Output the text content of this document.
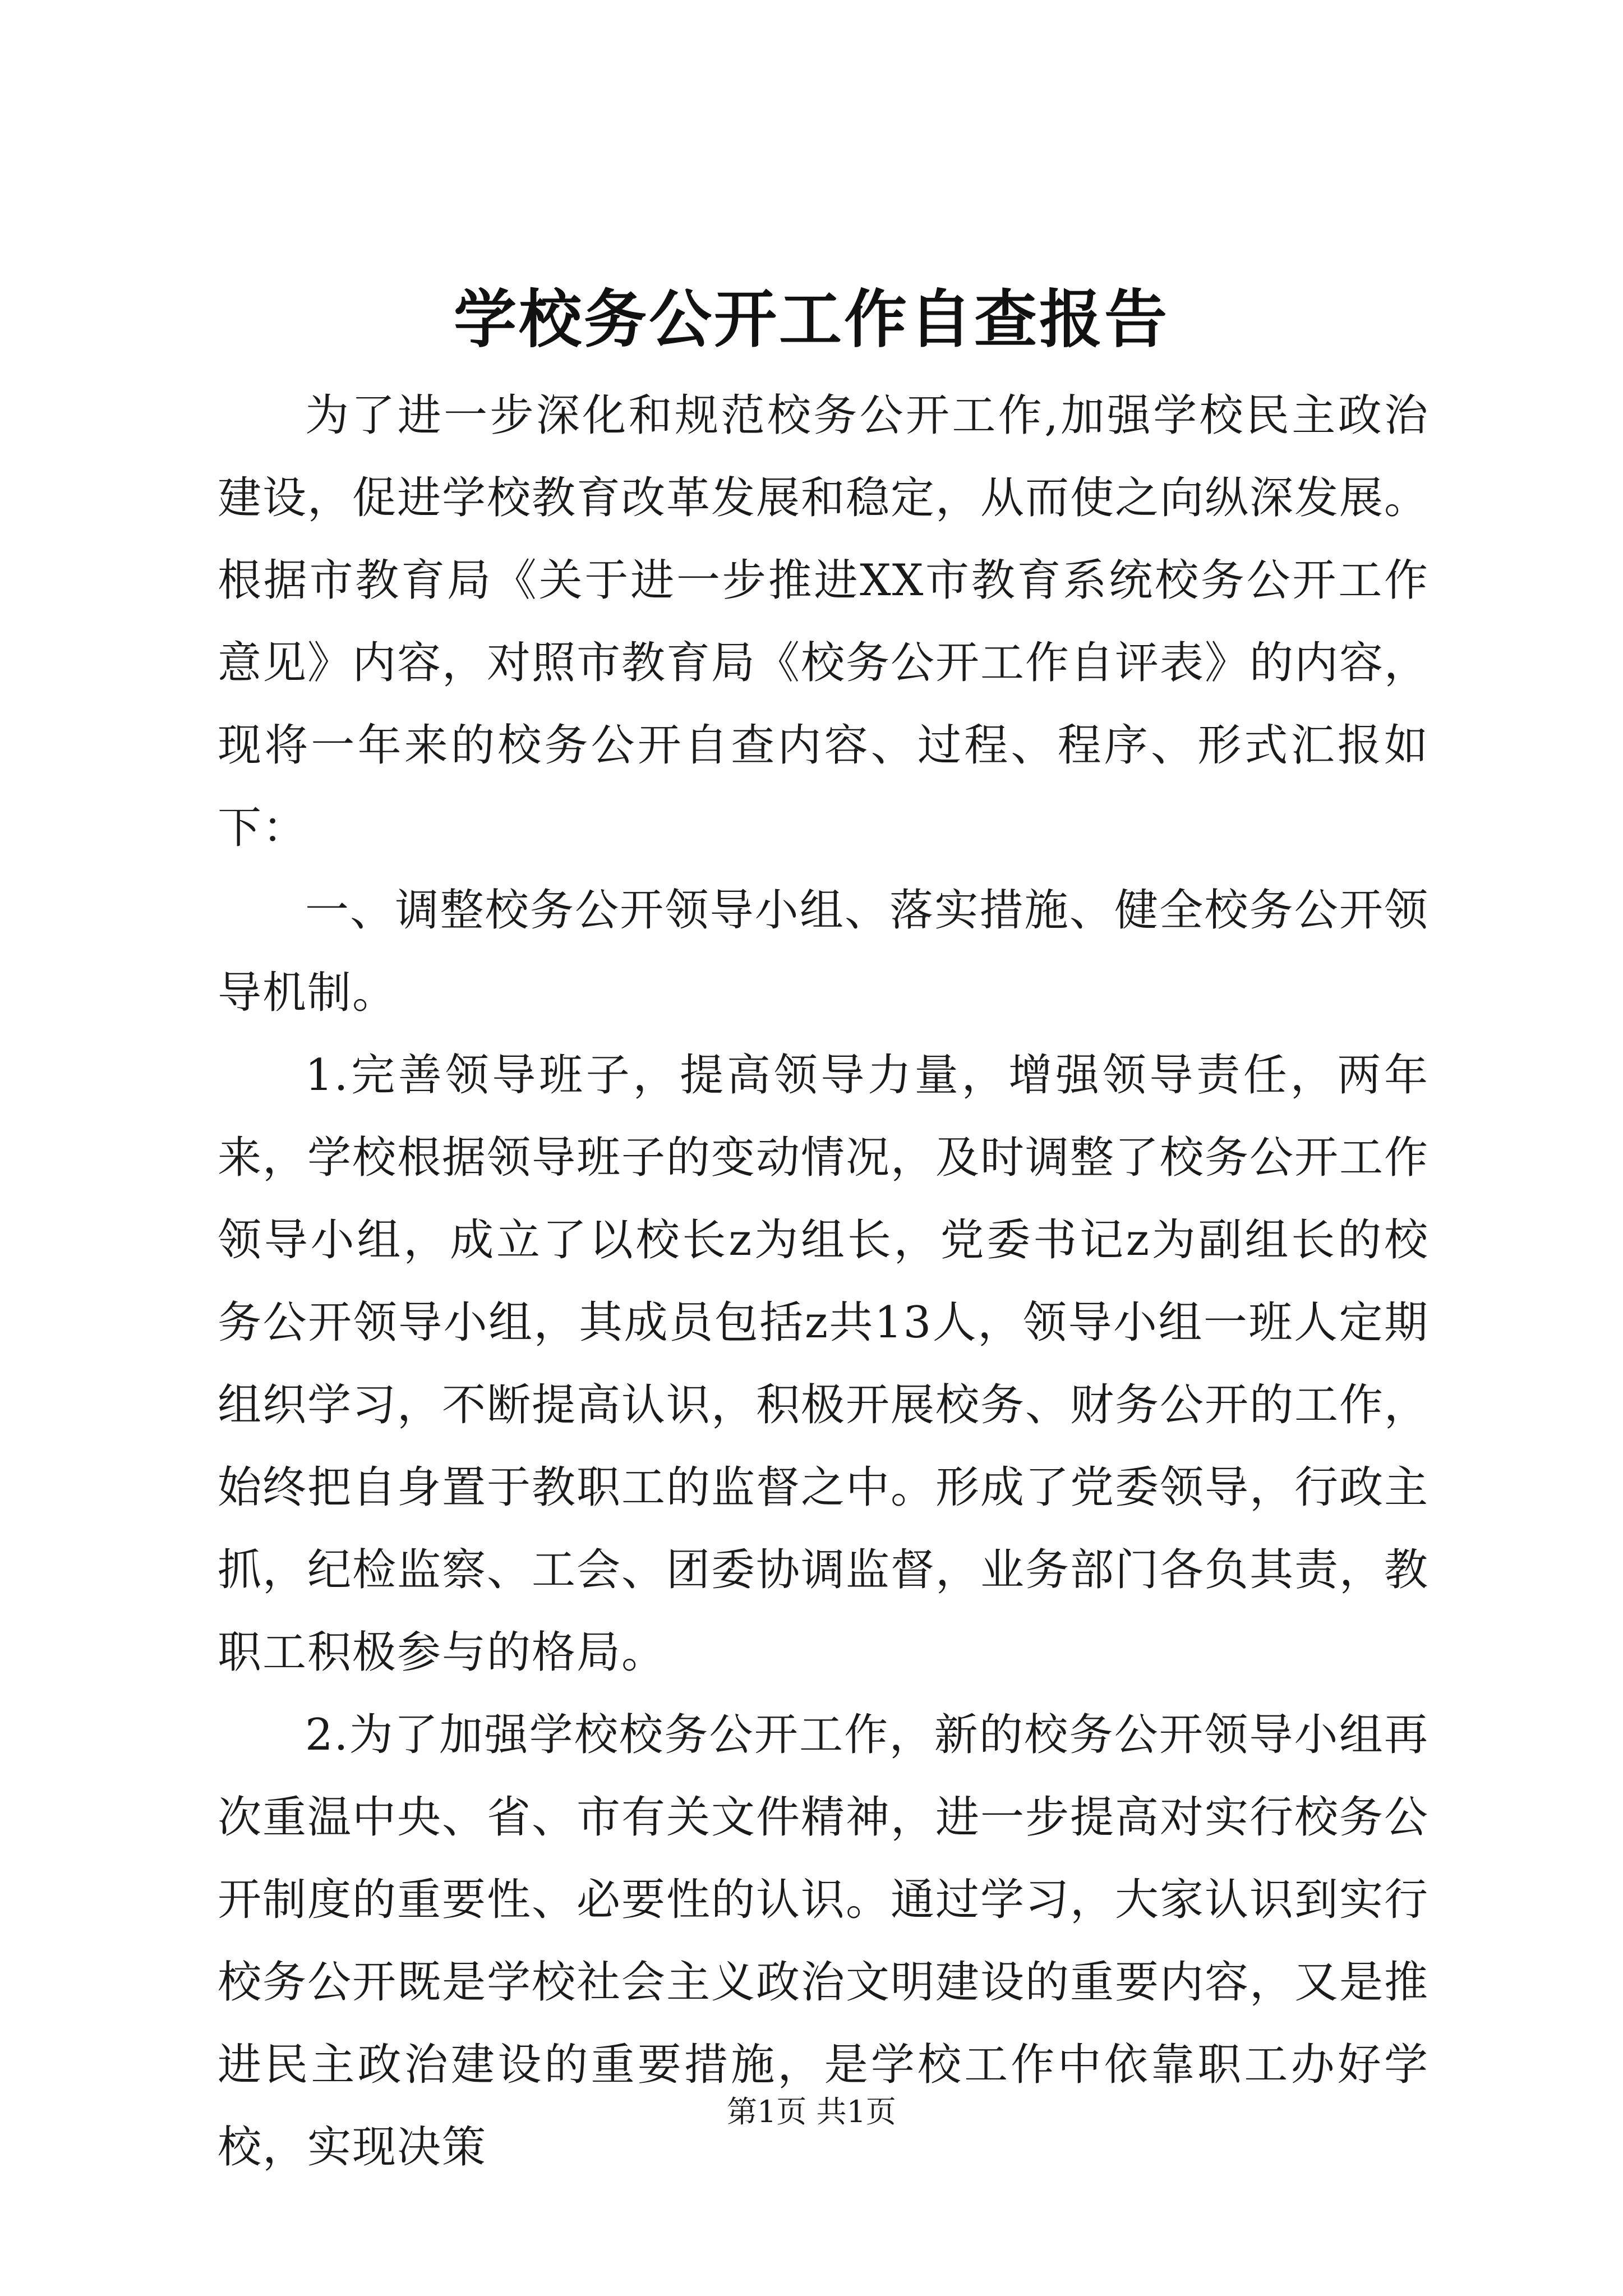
学校务公开工作自查报告

为了进一步深化和规范校务公开工作,加强学校民主政治建设，促进学校教育改革发展和稳定，从而使之向纵深发展。根据市教育局《关于进一步推进XX市教育系统校务公开工作意见》内容，对照市教育局《校务公开工作自评表》的内容，现将一年来的校务公开自查内容、过程、程序、形式汇报如下：

一、调整校务公开领导小组、落实措施、健全校务公开领导机制。

1.完善领导班子，提高领导力量，增强领导责任，两年来，学校根据领导班子的变动情况，及时调整了校务公开工作领导小组，成立了以校长z为组长，党委书记z为副组长的校务公开领导小组，其成员包括z共13人，领导小组一班人定期组织学习，不断提高认识，积极开展校务、财务公开的工作，始终把自身置于教职工的监督之中。形成了党委领导，行政主抓，纪检监察、工会、团委协调监督，业务部门各负其责，教职工积极参与的格局。

2.为了加强学校校务公开工作，新的校务公开领导小组再次重温中央、省、市有关文件精神，进一步提高对实行校务公开制度的重要性、必要性的认识。通过学习，大家认识到实行校务公开既是学校社会主义政治文明建设的重要内容，又是推进民主政治建设的重要措施，是学校工作中依靠职工办好学校，实现决策

第1页 共1页
